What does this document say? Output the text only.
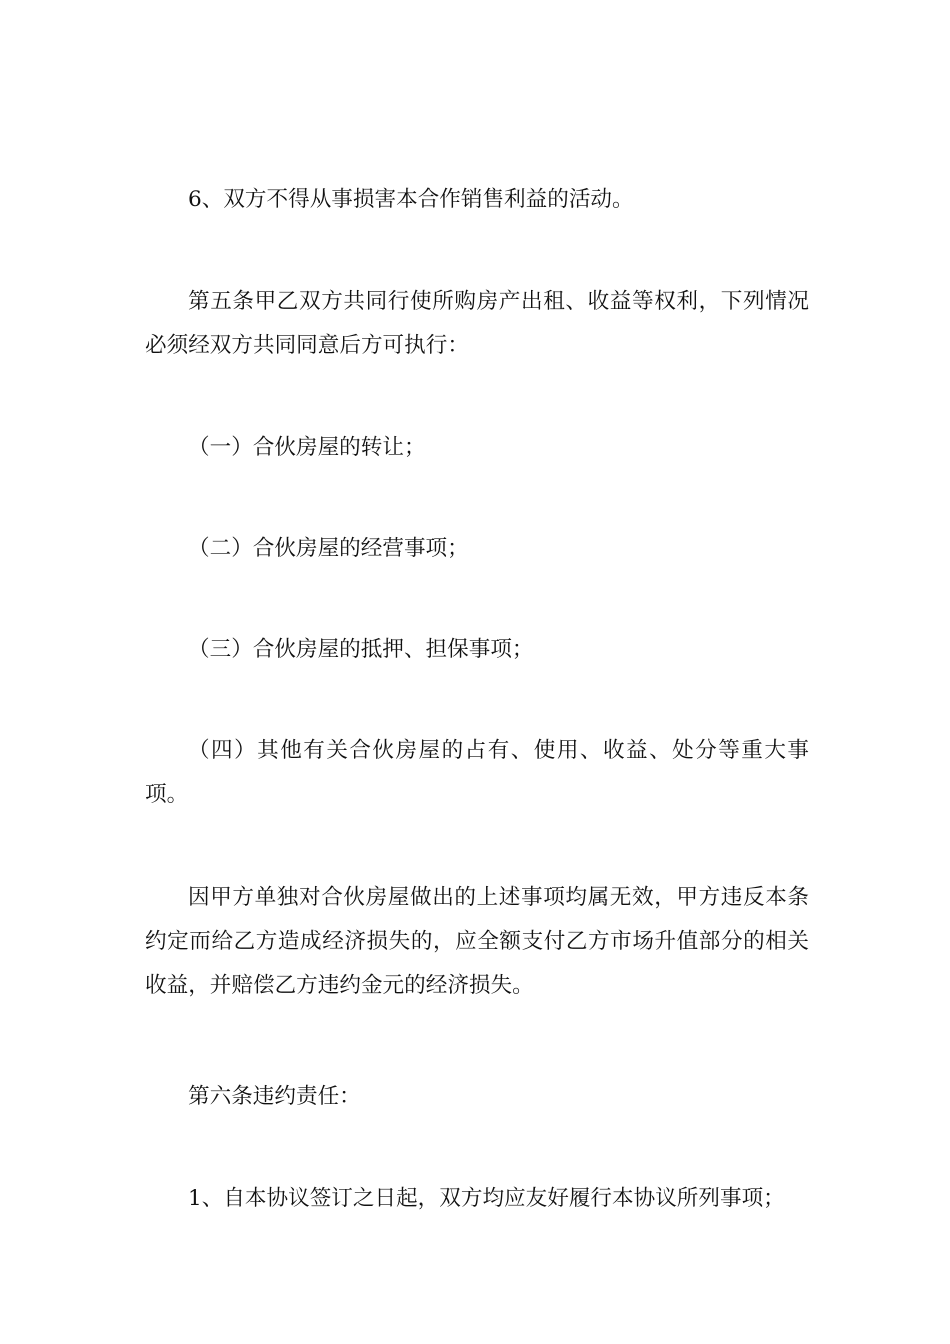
6、双方不得从事损害本合作销售利益的活动。

第五条甲乙双方共同行使所购房产出租、收益等权利，下列情况必须经双方共同同意后方可执行：

（一）合伙房屋的转让；

（二）合伙房屋的经营事项；

（三）合伙房屋的抵押、担保事项；

（四）其他有关合伙房屋的占有、使用、收益、处分等重大事项。

因甲方单独对合伙房屋做出的上述事项均属无效，甲方违反本条约定而给乙方造成经济损失的，应全额支付乙方市场升值部分的相关收益，并赔偿乙方违约金元的经济损失。

第六条违约责任：

1、自本协议签订之日起，双方均应友好履行本协议所列事项；
